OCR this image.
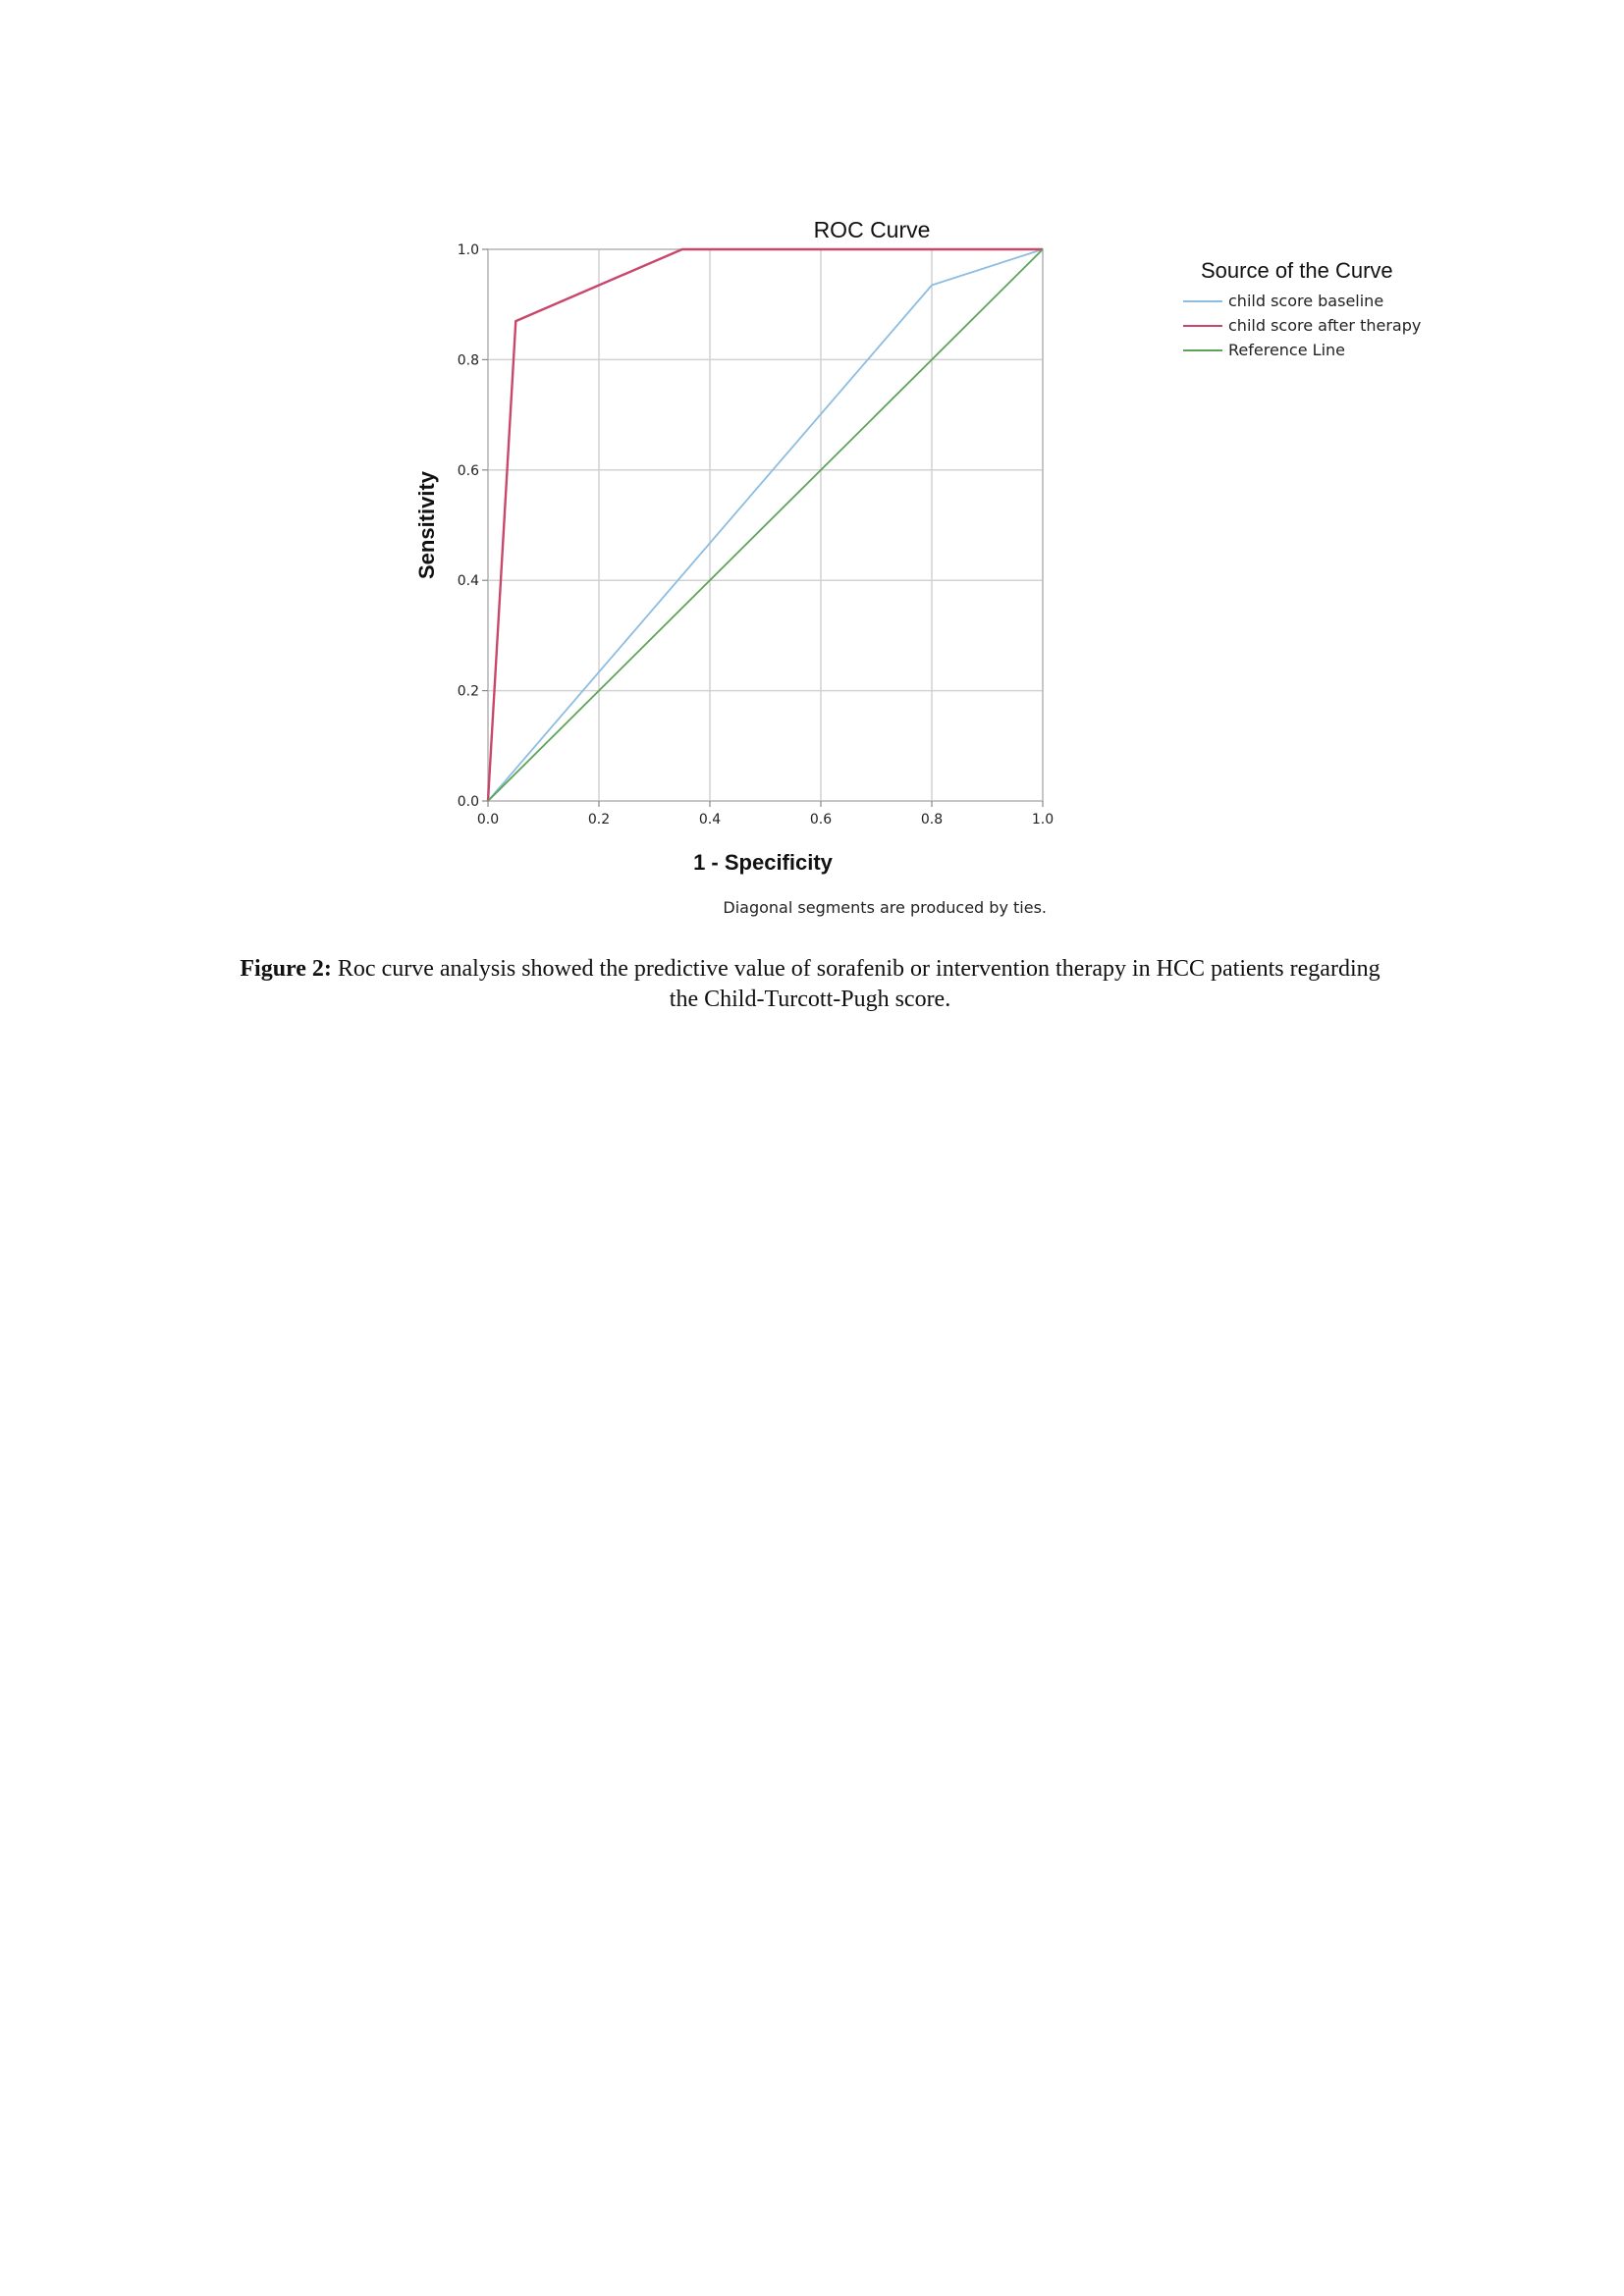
0.0	0.2	0.4	0.6	0.8	1.0
0.0
0.2
0.4
0.6
0.8
1.0
ROC Curve
1 - Specificity
Sensitivity
Diagonal segments are produced by ties.
Source of the Curve
child score baseline
child score after therapy
Reference Line
Figure 2: Roc curve analysis showed the predictive value of sorafenib or intervention therapy in HCC patients regarding the Child-Turcott-Pugh score.
